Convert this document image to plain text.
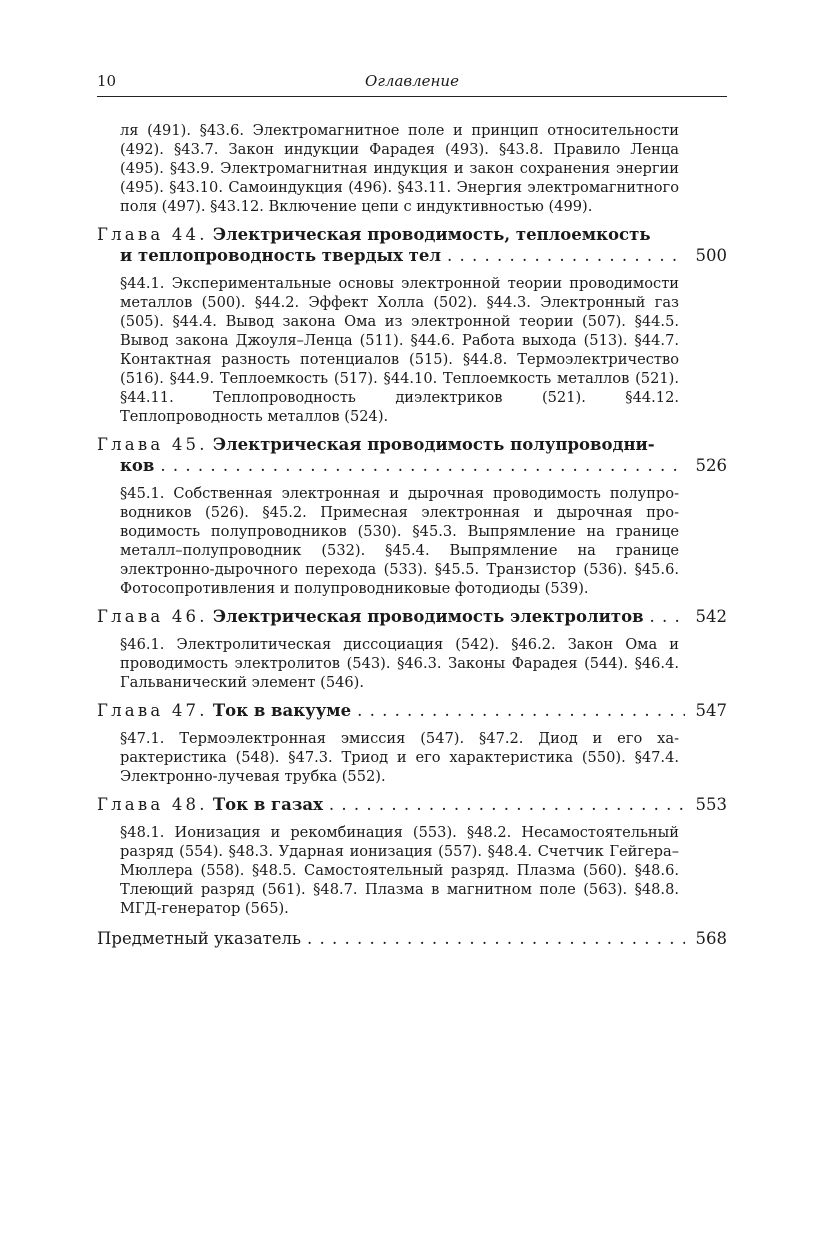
10	Оглавление
ля (491). §43.6. Электромагнитное поле и принцип относительности (492). §43.7. Закон индукции Фарадея (493). §43.8. Правило Ленца (495). §43.9. Электромагнитная индукция и закон сохранения энергии (495). §43.10. Самоиндукция (496). §43.11. Энергия электромагнитного поля (497). §43.12. Включение цепи с индуктивностью (499).
Глава 44. Электрическая проводимость, теплоемкость
и теплопроводность твердых тел . . .	500
§44.1. Экспериментальные основы электронной теории проводимости металлов (500). §44.2. Эффект Холла (502). §44.3. Электронный газ (505). §44.4. Вывод закона Ома из электронной теории (507). §44.5. Вывод закона Джоуля–Ленца (511). §44.6. Работа выхода (513). §44.7. Контактная разность потенциалов (515). §44.8. Термоэлектричество (516). §44.9. Теплоемкость (517). §44.10. Теплоемкость металлов (521). §44.11. Теплопроводность диэлектриков (521). §44.12. Теплопроводность металлов (524).
Глава 45. Электрическая проводимость полупроводни-
ков . . .	526
§45.1. Собственная электронная и дырочная проводимость полупроводников (526). §45.2. Примесная электронная и дырочная проводимость полупроводников (530). §45.3. Выпрямление на границе металл–полупроводник (532). §45.4. Выпрямление на границе электронно-дырочного перехода (533). §45.5. Транзистор (536). §45.6. Фотосопротивления и полупроводниковые фотодиоды (539).
Глава 46. Электрическая проводимость электролитов . . .	542
§46.1. Электролитическая диссоциация (542). §46.2. Закон Ома и проводимость электролитов (543). §46.3. Законы Фарадея (544). §46.4. Гальванический элемент (546).
Глава 47. Ток в вакууме . . .	547
§47.1. Термоэлектронная эмиссия (547). §47.2. Диод и его характеристика (548). §47.3. Триод и его характеристика (550). §47.4. Электронно-лучевая трубка (552).
Глава 48. Ток в газах . . .	553
§48.1. Ионизация и рекомбинация (553). §48.2. Несамостоятельный разряд (554). §48.3. Ударная ионизация (557). §48.4. Счетчик Гейгера–Мюллера (558). §48.5. Самостоятельный разряд. Плазма (560). §48.6. Тлеющий разряд (561). §48.7. Плазма в магнитном поле (563). §48.8. МГД-генератор (565).
Предметный указатель . . .	568
